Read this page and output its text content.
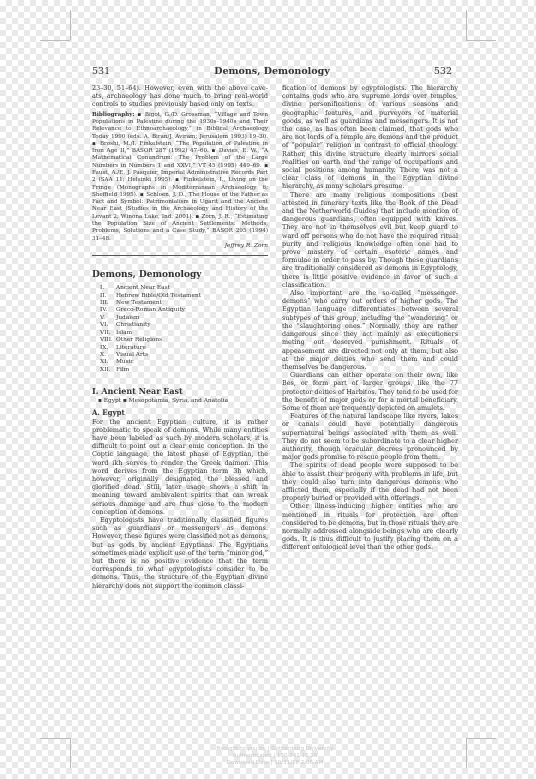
531	Demons, Demonology	532

23–30, 51–64). However, even with the above cave-ats, archaeology has done much to bring real-world controls to studies previously based only on texts.

Bibliography: ▪ Bigot, G./D. Grossman, “Village and Town Populations in Palestine during the 1930s–1940s and Their Relevance to Ethnoarchaeology,” in Biblical Archaeology Today 1990 (eds. A. Biran/J. Aviram; Jerusalem 1993) 19–30. ▪ Broshi, M./I. Finkelstein, “The Population of Palestine in Iron Age II,” BASOR 287 (1992) 47–60. ▪ Davies, E. W., “A Mathematical Conundrum: The Problem of the Large Numbers in Numbers 1 and XXVI,” VT 45 (1995) 449–69. ▪ Faust, A./E. J. Pasquier, Imperial Administrative Records Part 2 (SAA 11; Helsinki 1995). ▪ Finkelstein, I., Living on the Fringe (Monographs in Mediterranean Archaeology 6; Sheffield 1995). ▪ Schloen, J. D., The House of the Father as Fact and Symbol: Patrimonialism in Ugarit and the Ancient Near East (Studies in the Archaeology and History of the Levant 2; Winona Lake, Ind. 2001). ▪ Zorn, J. R., “Estimating the Population Size of Ancient Settlements: Methods, Problems, Solutions and a Case Study,” BASOR 295 (1994) 31–48.
Jeffrey R. Zorn
Demons, Demonology
I.	Ancient Near East
II.	Hebrew Bible/Old Testament
III.	New Testament
IV.	Greco-Roman Antiquity
V.	Judaism
VI.	Christianity
VII. Islam
VIII. Other Religions
IX.	Literature
X.	Visual Arts
XI.	Music
XII. Film
I. Ancient Near East
▪ Egypt ▪ Mesopotamia, Syria, and Anatolia
A. Egypt

For the ancient Egyptian culture, it is rather problematic to speak of demons. While many entities have been labeled as such by modern scholars, it is difficult to point out a clear emic conception. In the Coptic language, the latest phase of Egyptian, the word ikh serves to render the Greek daimon. This word derives from the Egyptian term 3ḫ which, however, originally designated the blessed and glorified dead. Still, later usage shows a shift in meaning toward ambivalent spirits that can wreak serious damage and are thus close to the modern conception of demons.

Egyptologists have traditionally classified figures such as guardians or messengers as demons. However, these figures were classified not as demons, but as gods by ancient Egyptians. The Egyptians sometimes made explicit use of the term “minor god,” but there is no positive evidence that the term corresponds to what egyptologists consider to be demons. Thus, the structure of the Egyptian divine hierarchy does not support the common classi-

fication of demons by egyptologists. The hierarchy contains gods who are supreme lords over temples, divine personifications of various seasons and geographic features, and purveyors of material goods, as well as guardians and messengers. It is not the case, as has often been claimed, that gods who are not lords of a temple are demons and the product of “popular” religion in contrast to official theology. Rather, this divine structure clearly mirrors social realities on earth and the range of occupations and social positions among humanity. There was not a clear class of demons in the Egyptian divine hierarchy, as many scholars presume.

There are many religious compositions (best attested in funerary texts like the Book of the Dead and the Netherworld Guides) that include mention of dangerous guardians, often equipped with knives. They are not in themselves evil but keep guard to ward off persons who do not have the required ritual purity and religious knowledge often one had to prove mastery of certain esoteric names and formulae in order to pass by. Though these guardians are traditionally considered as demons in Egyptology, there is little positive evidence in favor of such a classification.

Also important are the so-called “messenger-demons” who carry out orders of higher gods. The Egyptian language differentiates between several subtypes of this group, including the “wandering” or the “slaughtering ones.” Normally, they are rather dangerous since they act mainly as executioners meting out deserved punishment. Rituals of appeasement are directed not only at them, but also at the major deities who send them and could themselves be dangerous.

Guardians can either operate on their own, like Bes, or form part of larger groups, like the 77 protector deities of Harbitos. They tend to be used for the benefit of major gods or for a mortal beneficiary. Some of them are frequently depicted on amulets.

Features of the natural landscape like rivers, lakes or canals could have potentially dangerous supernatural beings associated with them as well. They do not seem to be subordinate to a clear higher authority, though oracular decrees pronounced by major gods promise to rescue people from them.

The spirits of dead people were supposed to be able to assist their progeny with problems in life, but they could also turn into dangerous demons who afflicted them, especially if the dead had not been properly buried or provided with offerings.

Other illness-inducing higher entities who are mentioned in rituals for protection are often considered to be demons, but in those rituals they are normally addressed alongside beings who are clearly gods. It is thus difficult to justify placing them on a different ontological level than the other gods.

Brought to you by | Gothenburg University
Authenticated | 130.241.16.16
Download Date | 10/31/18 2:06 AM
